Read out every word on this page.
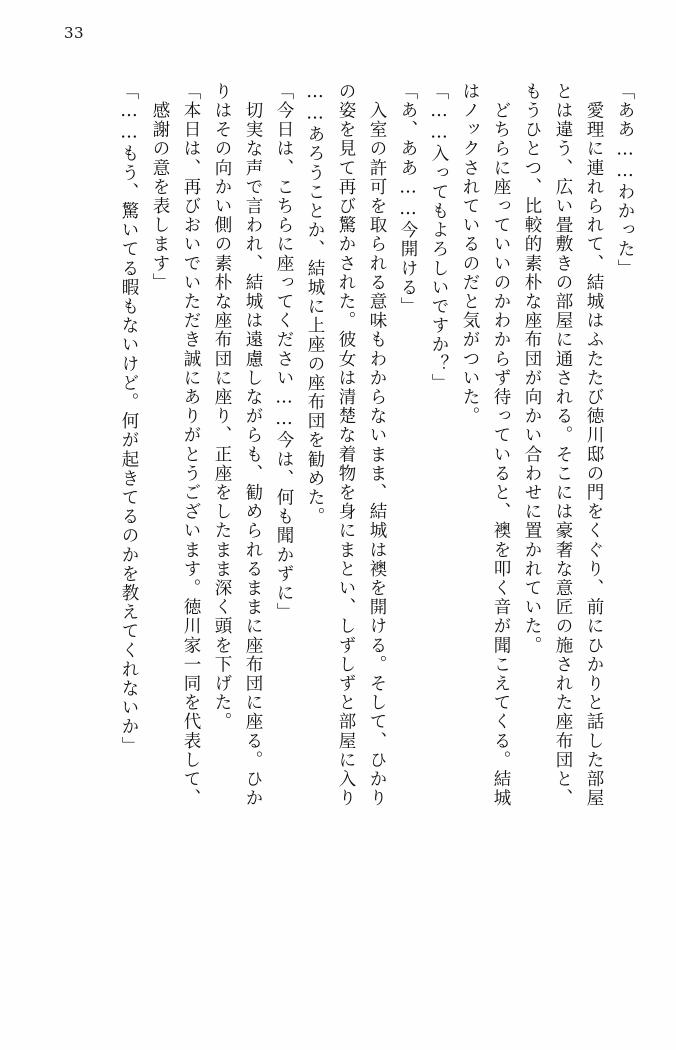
33
「ああ……わかった」
　愛理に連れられて、結城はふたたび徳川邸の門をくぐり、前にひかりと話した部屋
とは違う、広い畳敷きの部屋に通される。そこには豪奢な意匠の施された座布団と、
もうひとつ、比較的素朴な座布団が向かい合わせに置かれていた。
　どちらに座っていいのかわからず待っていると、襖を叩く音が聞こえてくる。結城
はノックされているのだと気がついた。
「……入ってもよろしいですか？」
「あ、ああ……今開ける」
　入室の許可を取られる意味もわからないまま、結城は襖を開ける。そして、ひかり
の姿を見て再び驚かされた。彼女は清楚な着物を身にまとい、しずしずと部屋に入り
……あろうことか、結城に上座の座布団を勧めた。
「今日は、こちらに座ってください……今は、何も聞かずに」
　切実な声で言われ、結城は遠慮しながらも、勧められるままに座布団に座る。ひか
りはその向かい側の素朴な座布団に座り、正座をしたまま深く頭を下げた。
「本日は、再びおいでいただき誠にありがとうございます。徳川家一同を代表して、
　感謝の意を表します」
「……もう、驚いてる暇もないけど。何が起きてるのかを教えてくれないか」
